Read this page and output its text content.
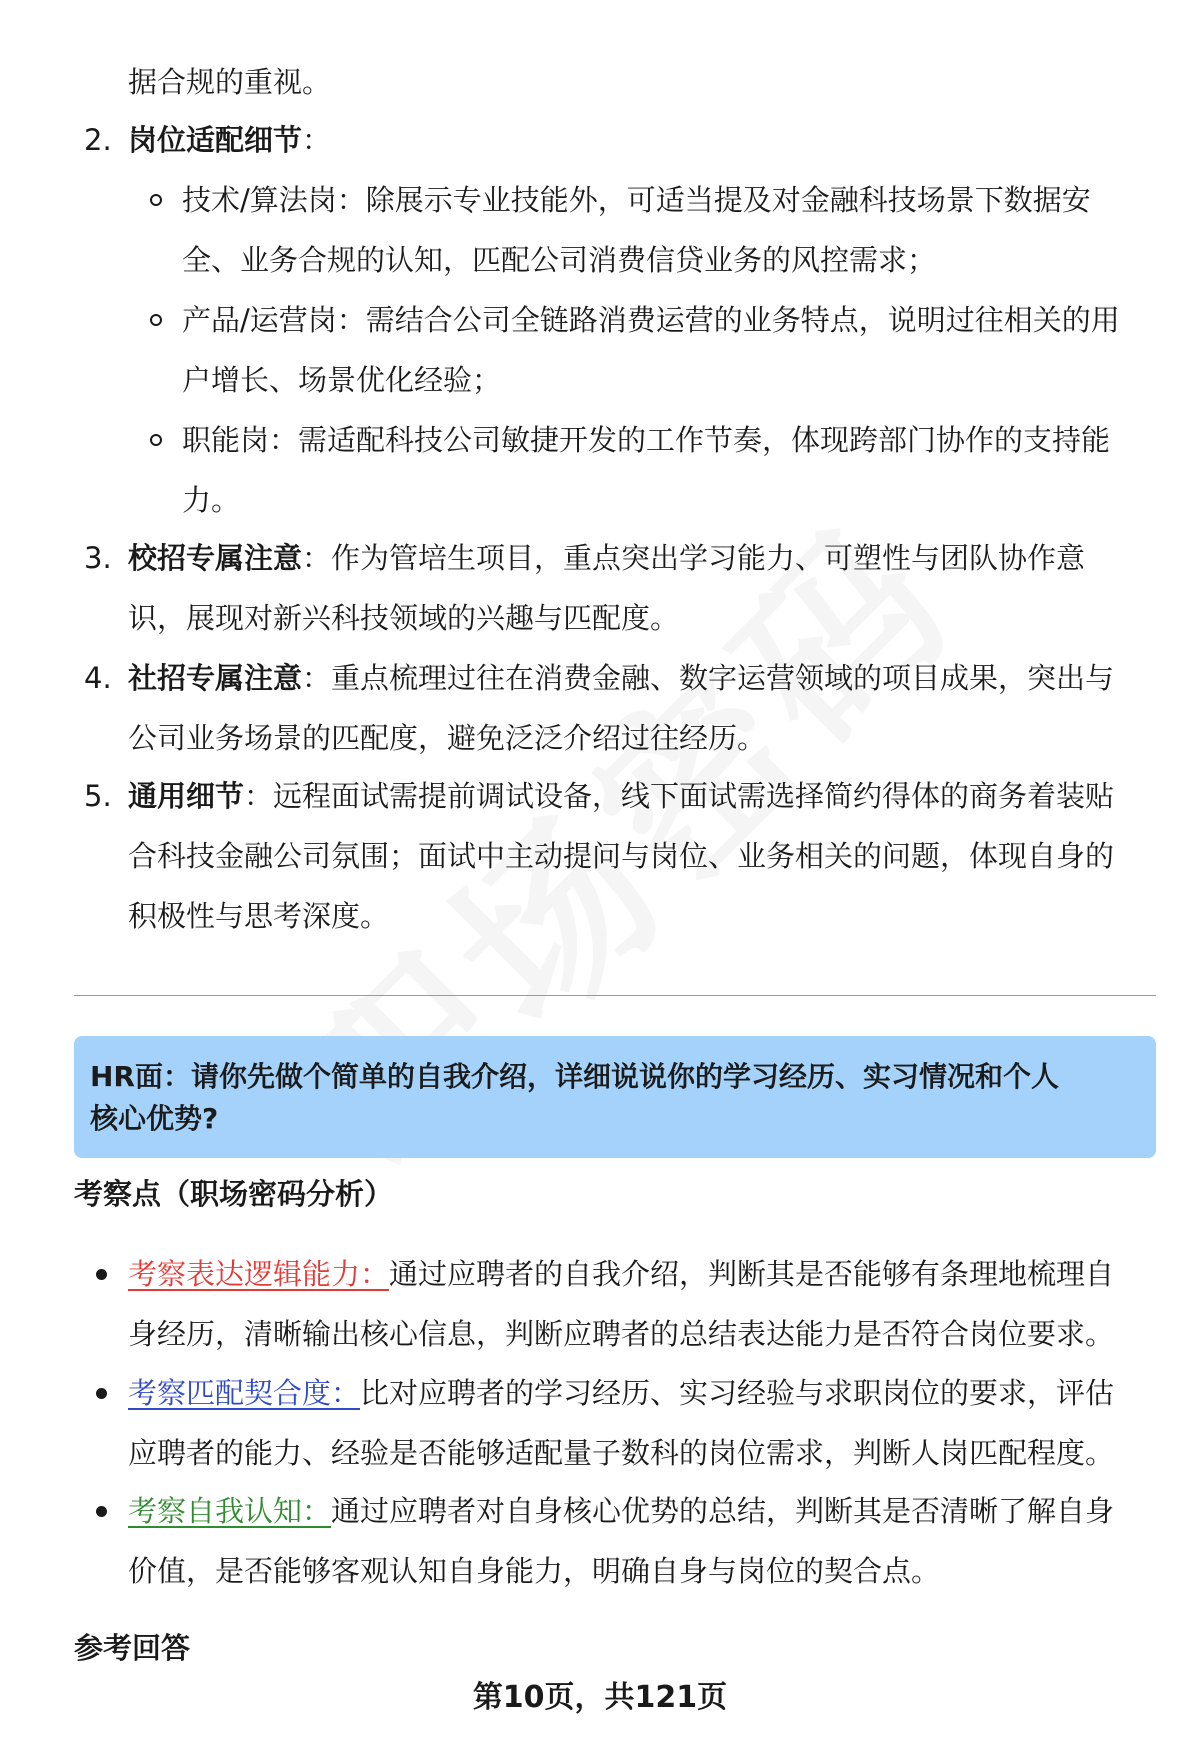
据合规的重视。
2. 岗位适配细节：
技术/算法岗：除展示专业技能外，可适当提及对金融科技场景下数据安
全、业务合规的认知，匹配公司消费信贷业务的风控需求；
产品/运营岗：需结合公司全链路消费运营的业务特点，说明过往相关的用
户增长、场景优化经验；
职能岗：需适配科技公司敏捷开发的工作节奏，体现跨部门协作的支持能
力。
3. 校招专属注意：作为管培生项目，重点突出学习能力、可塑性与团队协作意
识，展现对新兴科技领域的兴趣与匹配度。
4. 社招专属注意：重点梳理过往在消费金融、数字运营领域的项目成果，突出与
公司业务场景的匹配度，避免泛泛介绍过往经历。
5. 通用细节：远程面试需提前调试设备，线下面试需选择简约得体的商务着装贴
合科技金融公司氛围；面试中主动提问与岗位、业务相关的问题，体现自身的
积极性与思考深度。
HR面：请你先做个简单的自我介绍，详细说说你的学习经历、实习情况和个人
核心优势?
考察点（职场密码分析）
考察表达逻辑能力：通过应聘者的自我介绍，判断其是否能够有条理地梳理自
身经历，清晰输出核心信息，判断应聘者的总结表达能力是否符合岗位要求。
考察匹配契合度：比对应聘者的学习经历、实习经验与求职岗位的要求，评估
应聘者的能力、经验是否能够适配量子数科的岗位需求，判断人岗匹配程度。
考察自我认知：通过应聘者对自身核心优势的总结，判断其是否清晰了解自身
价值，是否能够客观认知自身能力，明确自身与岗位的契合点。
参考回答
第10页，共121页
